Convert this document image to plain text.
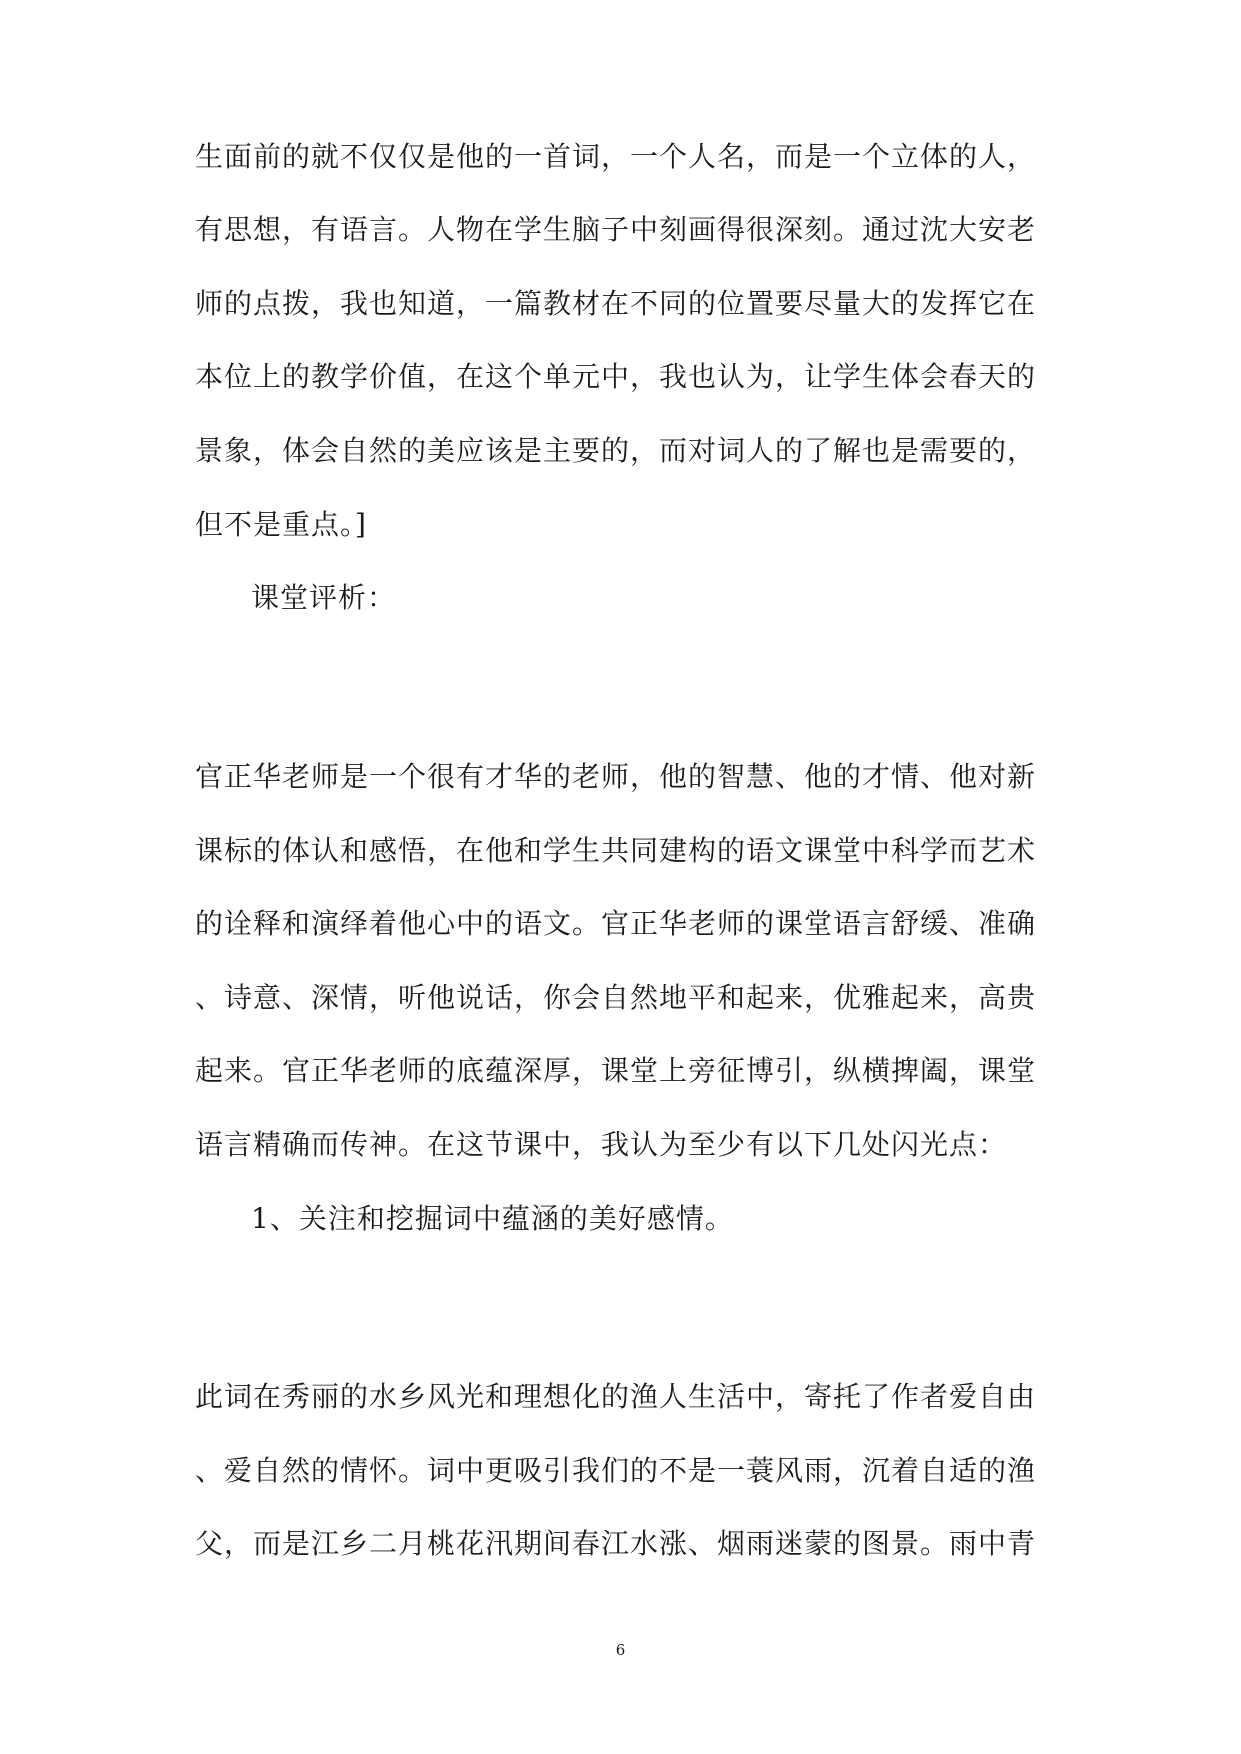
生面前的就不仅仅是他的一首词，一个人名，而是一个立体的人，
有思想，有语言。人物在学生脑子中刻画得很深刻。通过沈大安老
师的点拨，我也知道，一篇教材在不同的位置要尽量大的发挥它在
本位上的教学价值，在这个单元中，我也认为，让学生体会春天的
景象，体会自然的美应该是主要的，而对词人的了解也是需要的，
但不是重点。]
课堂评析：
官正华老师是一个很有才华的老师，他的智慧、他的才情、他对新
课标的体认和感悟，在他和学生共同建构的语文课堂中科学而艺术
的诠释和演绎着他心中的语文。官正华老师的课堂语言舒缓、准确
、诗意、深情，听他说话，你会自然地平和起来，优雅起来，高贵
起来。官正华老师的底蕴深厚，课堂上旁征博引，纵横捭阖，课堂
语言精确而传神。在这节课中，我认为至少有以下几处闪光点：
1、关注和挖掘词中蕴涵的美好感情。
此词在秀丽的水乡风光和理想化的渔人生活中，寄托了作者爱自由
、爱自然的情怀。词中更吸引我们的不是一蓑风雨，沉着自适的渔
父，而是江乡二月桃花汛期间春江水涨、烟雨迷蒙的图景。雨中青
6
